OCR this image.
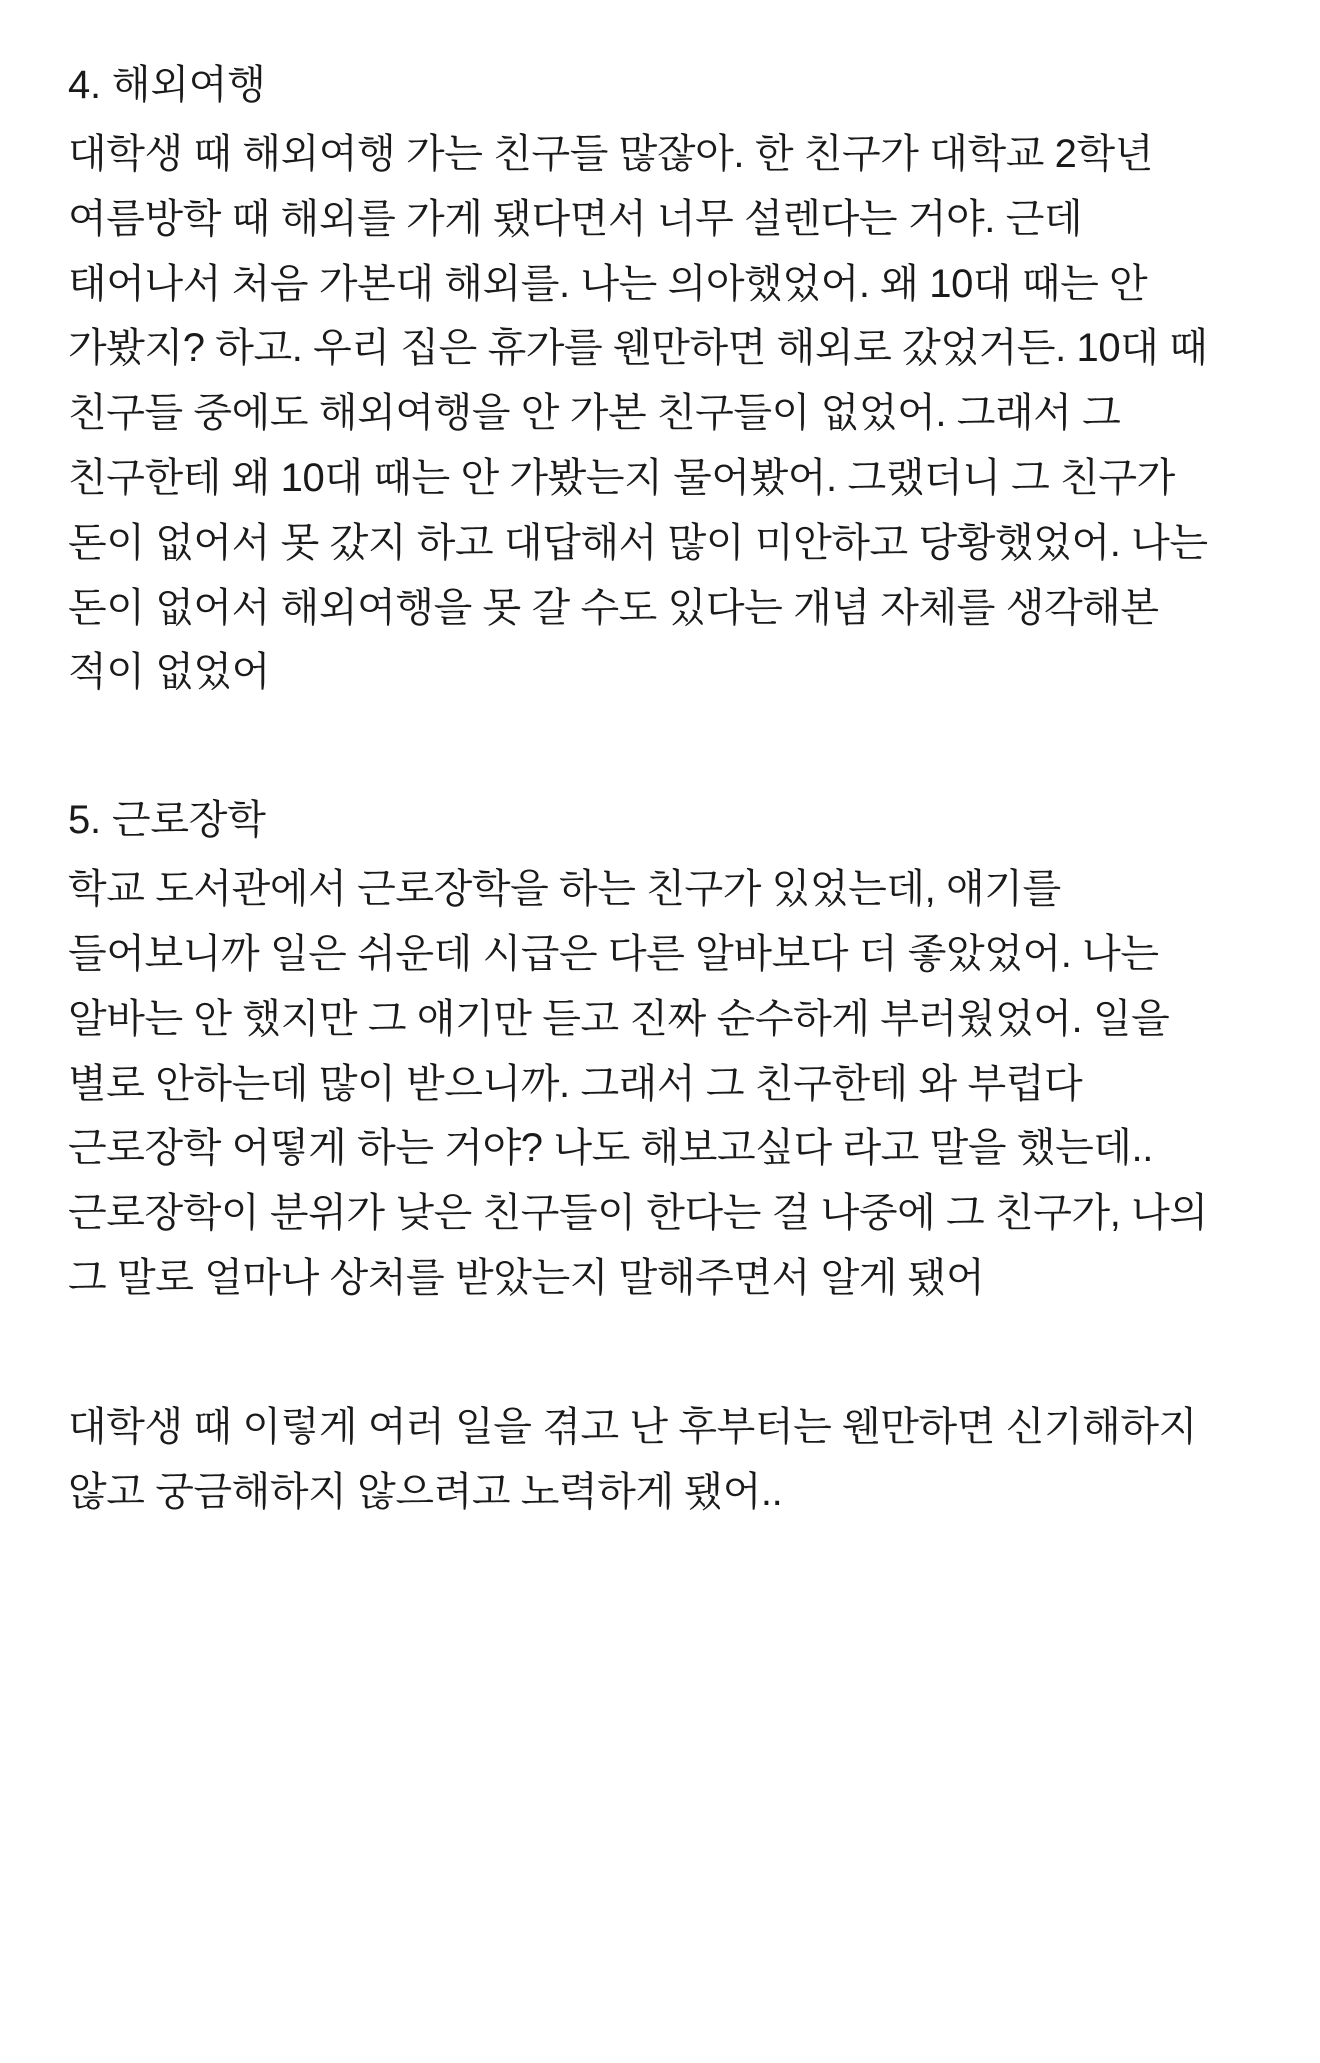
4. 해외여행

대학생 때 해외여행 가는 친구들 많잖아. 한 친구가 대학교 2학년 여름방학 때 해외를 가게 됐다면서 너무 설렌다는 거야. 근데 태어나서 처음 가본대 해외를. 나는 의아했었어. 왜 10대 때는 안 가봤지? 하고. 우리 집은 휴가를 웬만하면 해외로 갔었거든. 10대 때 친구들 중에도 해외여행을 안 가본 친구들이 없었어. 그래서 그 친구한테 왜 10대 때는 안 가봤는지 물어봤어. 그랬더니 그 친구가 돈이 없어서 못 갔지 하고 대답해서 많이 미안하고 당황했었어. 나는 돈이 없어서 해외여행을 못 갈 수도 있다는 개념 자체를 생각해본 적이 없었어

5. 근로장학

학교 도서관에서 근로장학을 하는 친구가 있었는데, 얘기를 들어보니까 일은 쉬운데 시급은 다른 알바보다 더 좋았었어. 나는 알바는 안 했지만 그 얘기만 듣고 진짜 순수하게 부러웠었어. 일을 별로 안하는데 많이 받으니까. 그래서 그 친구한테 와 부럽다 근로장학 어떻게 하는 거야? 나도 해보고싶다 라고 말을 했는데.. 근로장학이 분위가 낮은 친구들이 한다는 걸 나중에 그 친구가, 나의 그 말로 얼마나 상처를 받았는지 말해주면서 알게 됐어

대학생 때 이렇게 여러 일을 겪고 난 후부터는 웬만하면 신기해하지 않고 궁금해하지 않으려고 노력하게 됐어..
